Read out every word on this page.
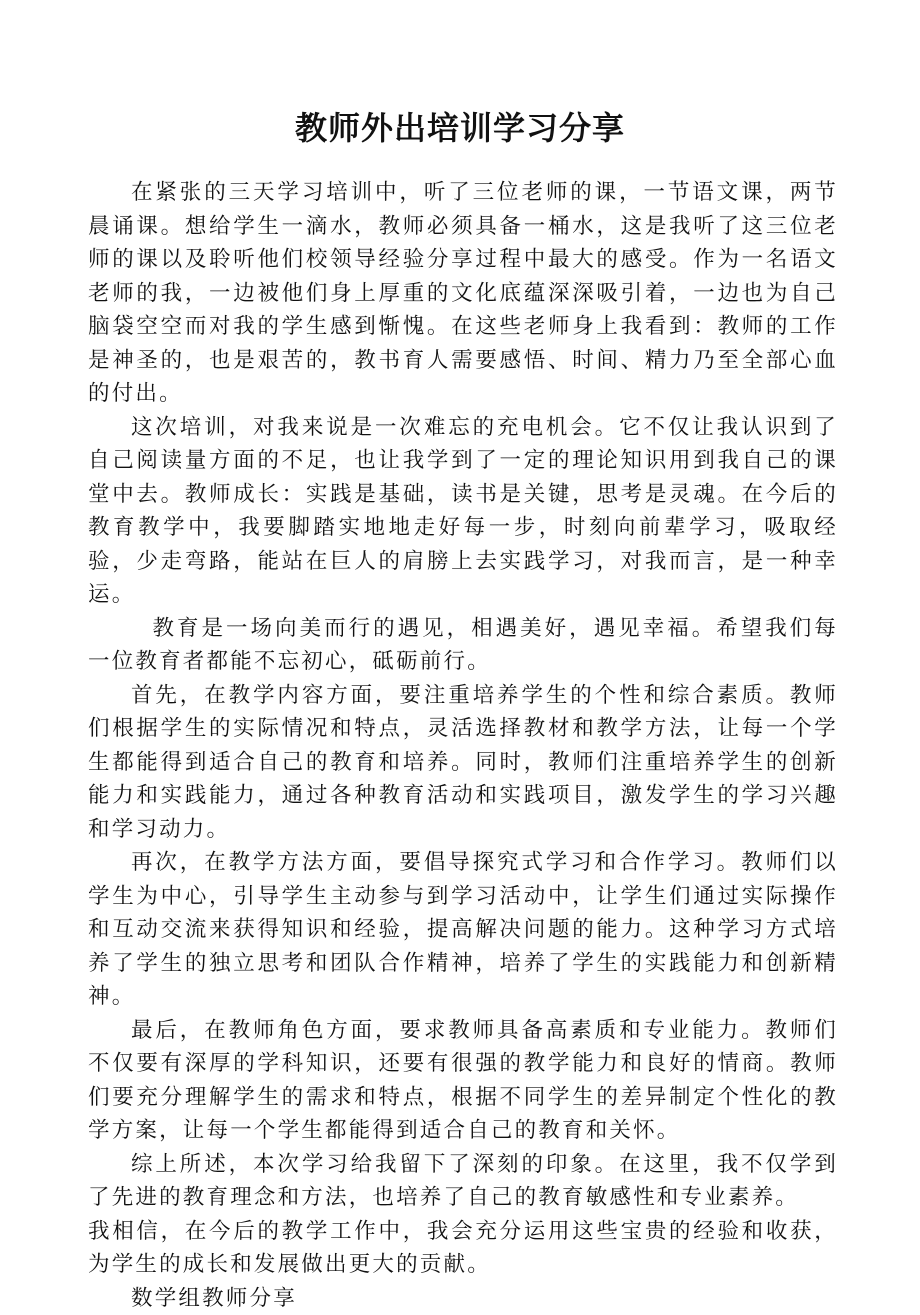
教师外出培训学习分享

在紧张的三天学习培训中，听了三位老师的课，一节语文课，两节晨诵课。想给学生一滴水，教师必须具备一桶水，这是我听了这三位老师的课以及聆听他们校领导经验分享过程中最大的感受。作为一名语文老师的我，一边被他们身上厚重的文化底蕴深深吸引着，一边也为自己脑袋空空而对我的学生感到惭愧。在这些老师身上我看到：教师的工作是神圣的，也是艰苦的，教书育人需要感悟、时间、精力乃至全部心血的付出。

这次培训，对我来说是一次难忘的充电机会。它不仅让我认识到了自己阅读量方面的不足，也让我学到了一定的理论知识用到我自己的课堂中去。教师成长：实践是基础，读书是关键，思考是灵魂。在今后的教育教学中，我要脚踏实地地走好每一步，时刻向前辈学习，吸取经验，少走弯路，能站在巨人的肩膀上去实践学习，对我而言，是一种幸运。

教育是一场向美而行的遇见，相遇美好，遇见幸福。希望我们每一位教育者都能不忘初心，砥砺前行。

首先，在教学内容方面，要注重培养学生的个性和综合素质。教师们根据学生的实际情况和特点，灵活选择教材和教学方法，让每一个学生都能得到适合自己的教育和培养。同时，教师们注重培养学生的创新能力和实践能力，通过各种教育活动和实践项目，激发学生的学习兴趣和学习动力。

再次，在教学方法方面，要倡导探究式学习和合作学习。教师们以学生为中心，引导学生主动参与到学习活动中，让学生们通过实际操作和互动交流来获得知识和经验，提高解决问题的能力。这种学习方式培养了学生的独立思考和团队合作精神，培养了学生的实践能力和创新精神。

最后，在教师角色方面，要求教师具备高素质和专业能力。教师们不仅要有深厚的学科知识，还要有很强的教学能力和良好的情商。教师们要充分理解学生的需求和特点，根据不同学生的差异制定个性化的教学方案，让每一个学生都能得到适合自己的教育和关怀。

综上所述，本次学习给我留下了深刻的印象。在这里，我不仅学到了先进的教育理念和方法，也培养了自己的教育敏感性和专业素养。

我相信，在今后的教学工作中，我会充分运用这些宝贵的经验和收获，为学生的成长和发展做出更大的贡献。

数学组教师分享
